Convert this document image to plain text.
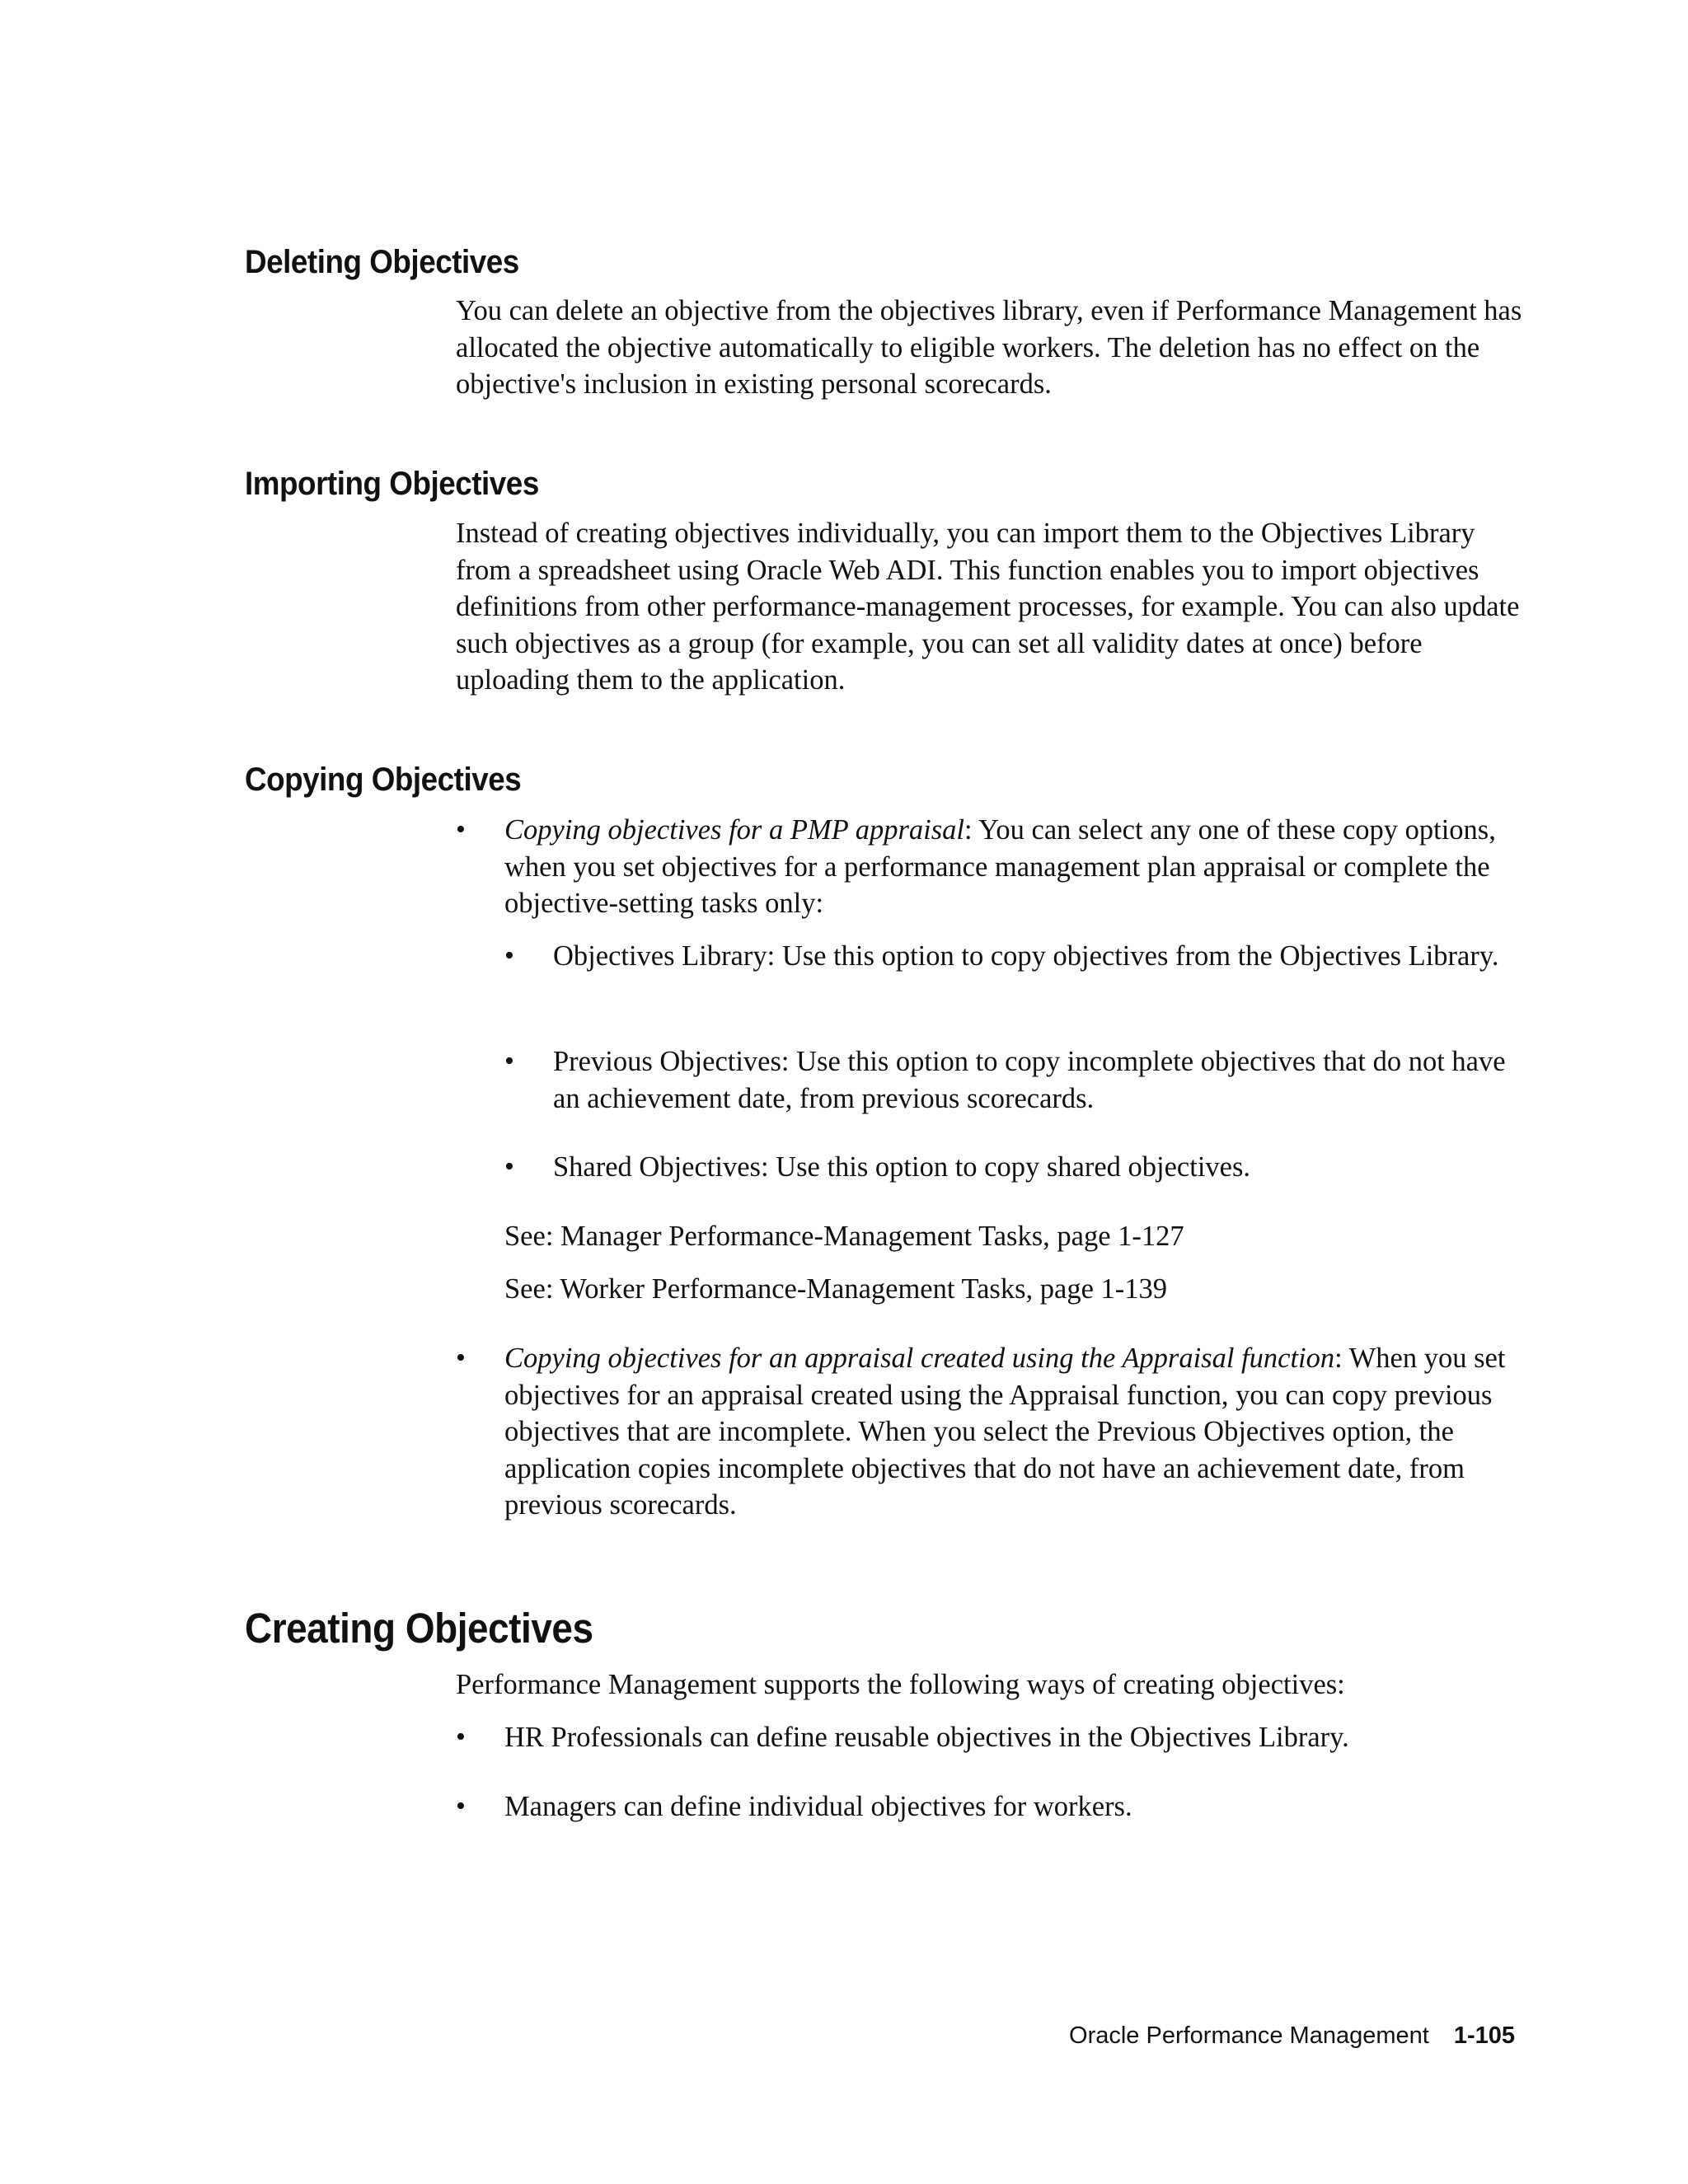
Deleting Objectives

You can delete an objective from the objectives library, even if Performance Management has allocated the objective automatically to eligible workers. The deletion has no effect on the objective's inclusion in existing personal scorecards.

Importing Objectives

Instead of creating objectives individually, you can import them to the Objectives Library from a spreadsheet using Oracle Web ADI. This function enables you to import objectives definitions from other performance-management processes, for example. You can also update such objectives as a group (for example, you can set all validity dates at once) before uploading them to the application.

Copying Objectives
• Copying objectives for a PMP appraisal: You can select any one of these copy options, when you set objectives for a performance management plan appraisal or complete the objective-setting tasks only:
• Objectives Library: Use this option to copy objectives from the Objectives Library.
• Previous Objectives: Use this option to copy incomplete objectives that do not have an achievement date, from previous scorecards.
• Shared Objectives: Use this option to copy shared objectives.

See: Manager Performance-Management Tasks, page 1-127

See: Worker Performance-Management Tasks, page 1-139

• Copying objectives for an appraisal created using the Appraisal function: When you set objectives for an appraisal created using the Appraisal function, you can copy previous objectives that are incomplete. When you select the Previous Objectives option, the application copies incomplete objectives that do not have an achievement date, from previous scorecards.
Creating Objectives

Performance Management supports the following ways of creating objectives:

• HR Professionals can define reusable objectives in the Objectives Library.
• Managers can define individual objectives for workers.
Oracle Performance Management 1-105
